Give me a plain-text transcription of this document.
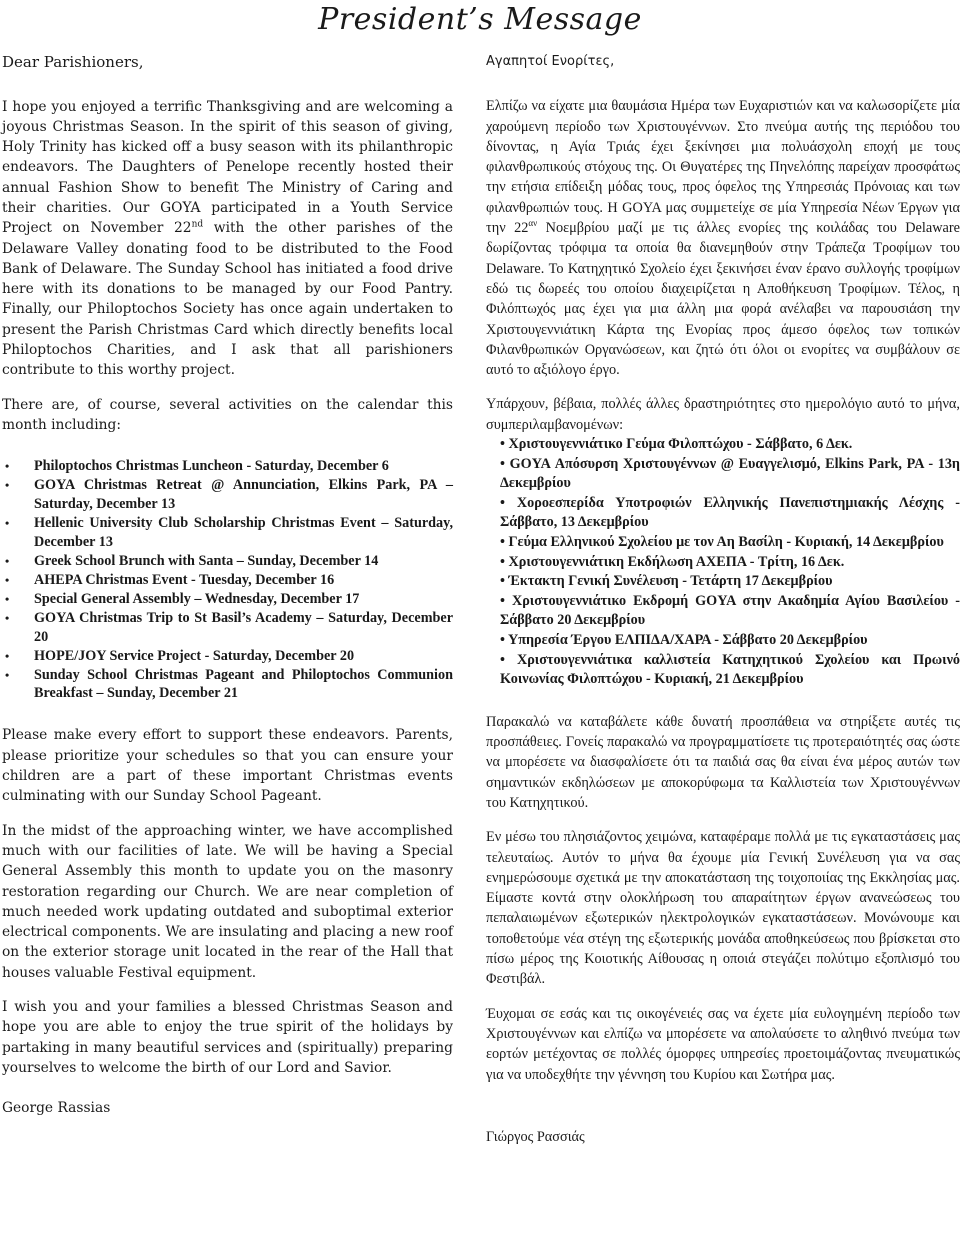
President’s Message

Dear Parishioners,

I hope you enjoyed a terrific Thanksgiving and are welcoming a joyous Christmas Season. In the spirit of this season of giving, Holy Trinity has kicked off a busy season with its philanthropic endeavors. The Daughters of Penelope recently hosted their annual Fashion Show to benefit The Ministry of Caring and their charities. Our GOYA participated in a Youth Service Project on November 22nd with the other parishes of the Delaware Valley donating food to be distributed to the Food Bank of Delaware. The Sunday School has initiated a food drive here with its donations to be managed by our Food Pantry. Finally, our Philoptochos Society has once again undertaken to present the Parish Christmas Card which directly benefits local Philoptochos Charities, and I ask that all parishioners contribute to this worthy project.

There are, of course, several activities on the calendar this month including:

• Philoptochos Christmas Luncheon - Saturday, December 6
• GOYA Christmas Retreat @ Annunciation, Elkins Park, PA –Saturday, December 13
• Hellenic University Club Scholarship Christmas Event – Saturday, December 13
• Greek School Brunch with Santa – Sunday, December 14
• AHEPA Christmas Event - Tuesday, December 16
• Special General Assembly – Wednesday, December 17
• GOYA Christmas Trip to St Basil’s Academy – Saturday, December 20
• HOPE/JOY Service Project - Saturday, December 20
• Sunday School Christmas Pageant and Philoptochos Communion Breakfast – Sunday, December 21

Please make every effort to support these endeavors. Parents, please prioritize your schedules so that you can ensure your children are a part of these important Christmas events culminating with our Sunday School Pageant.

In the midst of the approaching winter, we have accomplished much with our facilities of late. We will be having a Special General Assembly this month to update you on the masonry restoration regarding our Church. We are near completion of much needed work updating outdated and suboptimal exterior electrical components. We are insulating and placing a new roof on the exterior storage unit located in the rear of the Hall that houses valuable Festival equipment.

I wish you and your families a blessed Christmas Season and hope you are able to enjoy the true spirit of the holidays by partaking in many beautiful services and (spiritually) preparing yourselves to welcome the birth of our Lord and Savior.

George Rassias

Αγαπητοί Ενορίτες,

Ελπίζω να είχατε μια θαυμάσια Ημέρα των Ευχαριστιών και να καλωσορίζετε μία χαρούμενη περίοδο των Χριστουγέννων. Στο πνεύμα αυτής της περιόδου του δίνοντας, η Αγία Τριάς έχει ξεκίνησει μια πολυάσχολη εποχή με τους φιλανθρωπικούς στόχους της. Οι Θυγατέρες της Πηνελόπης παρείχαν προσφάτως την ετήσια επίδειξη μόδας τους, προς όφελος της Υπηρεσιάς Πρόνοιας και των φιλανθρωπιών τους. Η GOYA μας συμμετείχε σε μία Υπηρεσία Νέων Έργων για την $22^{\alpha\nu}$ Νοεμβρίου μαζί με τις άλλες ενορίες της κοιλάδας του Delaware δωρίζοντας τρόφιμα τα οποία θα διανεμηθούν στην Τράπεζα Τροφίμων του Delaware. Το Κατηχητικό Σχολείο έχει ξεκινήσει έναν έρανο συλλογής τροφίμων εδώ τις δωρεές του οποίου διαχειρίζεται η Αποθήκευση Τροφίμων. Τέλος, η Φιλόπτωχός μας έχει για μια άλλη μια φορά ανέλαβει να παρουσιάση την Χριστουγεννιάτικη Κάρτα της Ενορίας προς άμεσο όφελος των τοπικών Φιλανθρωπικών Οργανώσεων, και ζητώ ότι όλοι οι ενορίτες να συμβάλουν σε αυτό το αξιόλογο έργο.

Υπάρχουν, βέβαια, πολλές άλλες δραστηριότητες στο ημερολόγιο αυτό το μήνα, συμπεριλαμβανομένων:

• Χριστουγεννιάτικο Γεύμα Φιλοπτώχου - Σάββατο, 6 Δεκ.
• GOYA Απόσυρση Χριστουγέννων @ Ευαγγελισμό, Elkins Park, PA - 13η Δεκεμβρίου
• Χοροεσπερίδα Υποτροφιών Ελληνικής Πανεπιστημιακής Λέσχης - Σάββατο, 13 Δεκεμβρίου
• Γεύμα Ελληνικού Σχολείου με τον Αη Βασίλη - Κυριακή, 14 Δεκεμβρίου
• Χριστουγεννιάτικη Εκδήλωση ΑΧΕΠΑ - Τρίτη, 16 Δεκ.
• Έκτακτη Γενική Συνέλευση - Τετάρτη 17 Δεκεμβρίου
• Χριστουγεννιάτικο Εκδρομή GOYA στην Ακαδημία Αγίου Βασιλείου - Σάββατο 20 Δεκεμβρίου
• Υπηρεσία Έργου ΕΛΠΙΔΑ/ΧΑΡΑ - Σάββατο 20 Δεκεμβρίου
• Χριστουγεννιάτικα καλλιστεία Κατηχητικού Σχολείου και Πρωινό Κοινωνίας Φιλοπτώχου - Κυριακή, 21 Δεκεμβρίου

Παρακαλώ να καταβάλετε κάθε δυνατή προσπάθεια να στηρίξετε αυτές τις προσπάθειες. Γονείς παρακαλώ να προγραμματίσετε τις προτεραιότητές σας ώστε να μπορέσετε να διασφαλίσετε ότι τα παιδιά σας θα είναι ένα μέρος αυτών των σημαντικών εκδηλώσεων με αποκορύφωμα τα Καλλιστεία των Χριστουγέννων του Κατηχητικού.

Εν μέσω του πλησιάζοντος χειμώνα, καταφέραμε πολλά με τις εγκαταστάσεις μας τελευταίως. Αυτόν το μήνα θα έχουμε μία Γενική Συνέλευση για να σας ενημερώσουμε σχετικά με την αποκατάσταση της τοιχοποιίας της Εκκλησίας μας. Είμαστε κοντά στην ολοκλήρωση του απαραίτητων έργων ανανεώσεως του πεπαλαιωμένων εξωτερικών ηλεκτρολογικών εγκαταστάσεων. Μονώνουμε και τοποθετούμε νέα στέγη της εξωτερικής μονάδα αποθηκεύσεως που βρίσκεται στο πίσω μέρος της Κοιοτικής Αίθουσας η οποιά στεγάζει πολύτιμο εξοπλισμό του Φεστιβάλ.

Έυχομαι σε εσάς και τις οικογένειές σας να έχετε μία ευλογημένη περίοδο των Χριστουγέννων και ελπίζω να μπορέσετε να απολαύσετε το αληθινό πνεύμα των εορτών μετέχοντας σε πολλές όμορφες υπηρεσίες προετοιμάζοντας πνευματικώς για να υποδεχθήτε την γέννηση του Κυρίου και Σωτήρα μας.

Γιώργος Ρασσιάς
